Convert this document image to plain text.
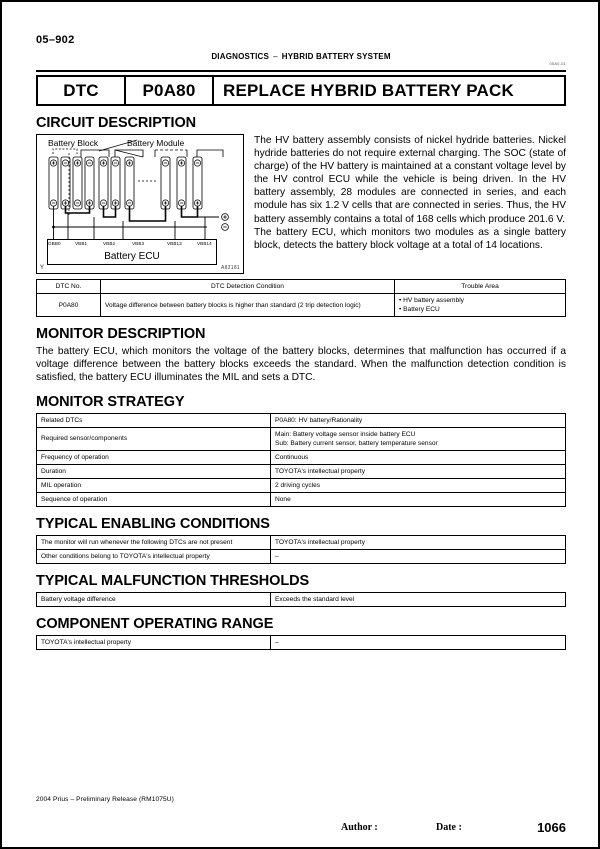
05–902
DIAGNOSTICS – HYBRID BATTERY SYSTEM
05A0-01
DTC	P0A80	REPLACE HYBRID BATTERY PACK
CIRCUIT DESCRIPTION
Battery Block	Battery Module
Battery ECU
GBB0	VBB1	VBB2	VBB3	VBB13	VBB14
Y	A83181

The HV battery assembly consists of nickel hydride batteries. Nickel hydride batteries do not require external charging. The SOC (state of charge) of the HV battery is maintained at a constant voltage level by the HV control ECU while the vehicle is being driven. In the HV battery assembly, 28 modules are connected in series, and each module has six 1.2 V cells that are connected in series. Thus, the HV battery assembly contains a total of 168 cells which produce 201.6 V.

The battery ECU, which monitors two modules as a single battery block, detects the battery block voltage at a total of 14 locations.

DTC No.	DTC Detection Condition	Trouble Area
P0A80	Voltage difference between battery blocks is higher than standard (2 trip detection logic)	• HV battery assembly
• Battery ECU
MONITOR DESCRIPTION

The battery ECU, which monitors the voltage of the battery blocks, determines that malfunction has occurred if a voltage difference between the battery blocks exceeds the standard. When the malfunction detection condition is satisfied, the battery ECU illuminates the MIL and sets a DTC.

MONITOR STRATEGY
Related DTCs	P0A80: HV battery/Rationality
Required sensor/components	Main: Battery voltage sensor inside battery ECU
Sub: Battery current sensor, battery temperature sensor

Frequency of operation	Continuous
Duration	TOYOTA's intellectual property
MIL operation	2 driving cycles
Sequence of operation	None
TYPICAL ENABLING CONDITIONS
The monitor will run whenever the following DTCs are not present	TOYOTA's intellectual property
Other conditions belong to TOYOTA's intellectual property	–
TYPICAL MALFUNCTION THRESHOLDS
Battery voltage difference	Exceeds the standard level
COMPONENT OPERATING RANGE
TOYOTA's intellectual property	–
2004 Prius – Preliminary Release (RM1075U)
Author :	Date :	1066
